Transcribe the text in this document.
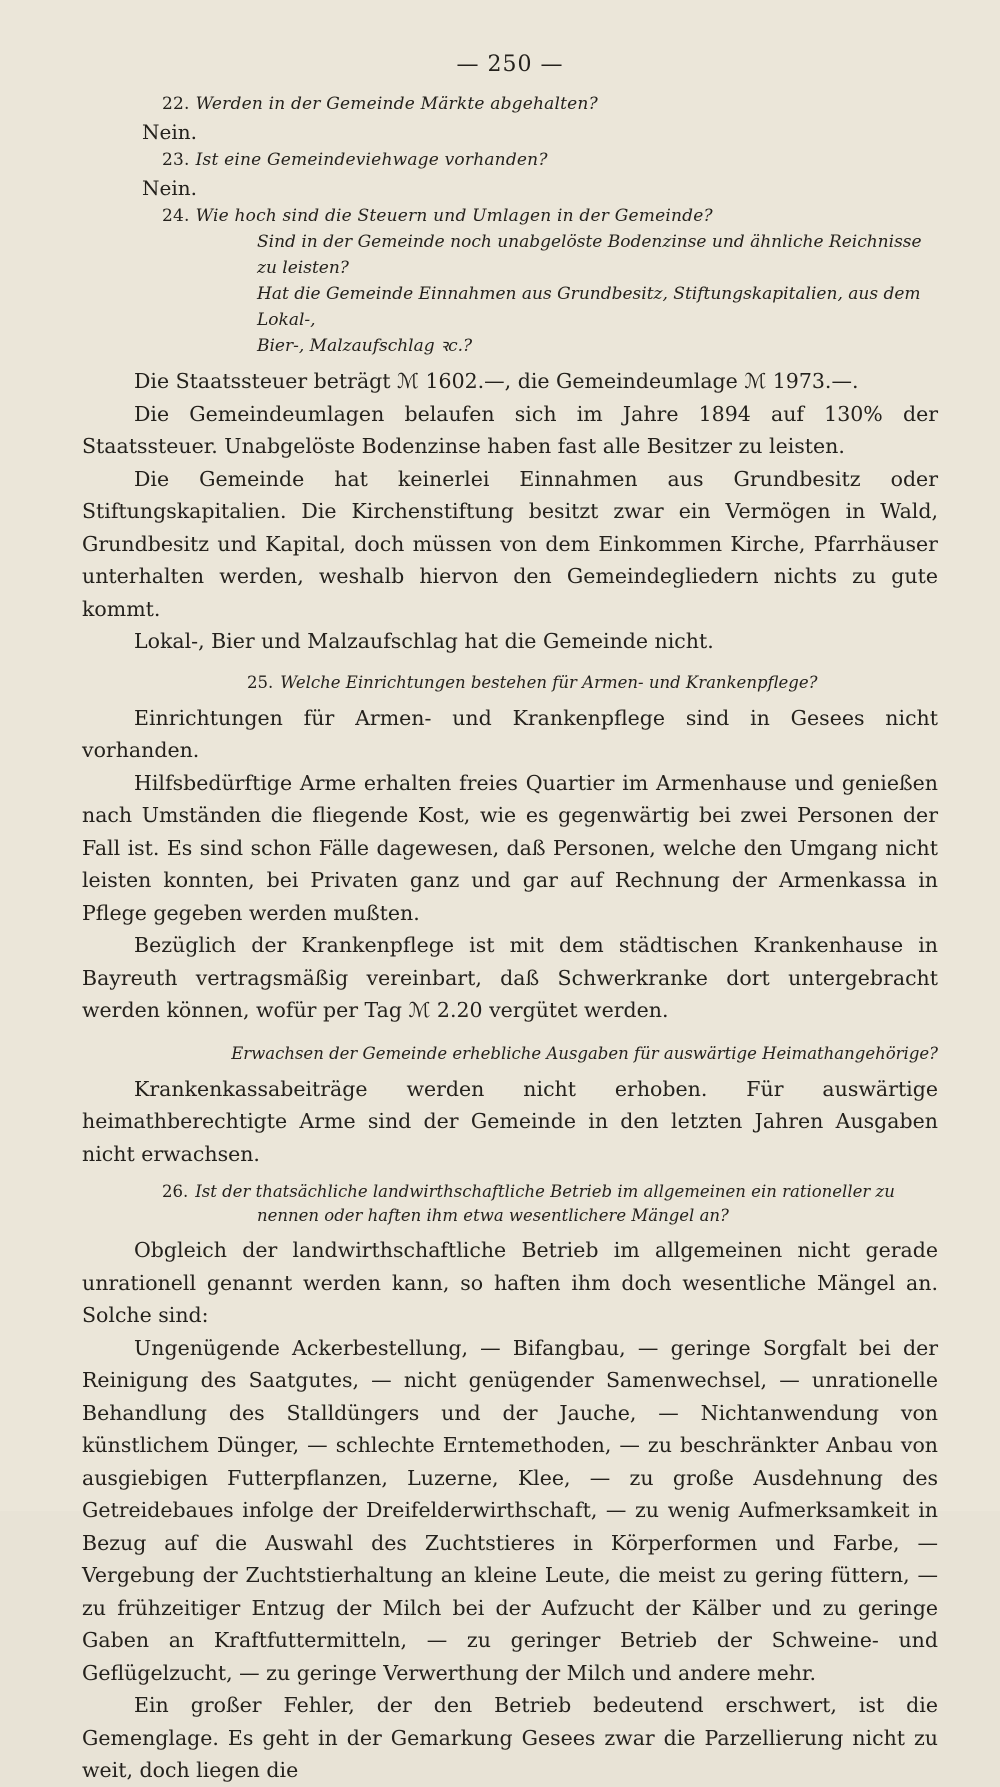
— 250 —

22. Werden in der Gemeinde Märkte abgehalten?

Nein.

23. Ist eine Gemeindeviehwage vorhanden?

Nein.

24. Wie hoch sind die Steuern und Umlagen in der Gemeinde?

Sind in der Gemeinde noch unabgelöste Bodenzinse und ähnliche Reichnisse zu leisten?

Hat die Gemeinde Einnahmen aus Grundbesitz, Stiftungskapitalien, aus dem Lokal-,

Bier-, Malzaufschlag ꝛc.?

Die Staatssteuer beträgt ℳ 1602.—, die Gemeindeumlage ℳ 1973.—.

Die Gemeindeumlagen belaufen sich im Jahre 1894 auf 130% der Staatssteuer. Unabgelöste Bodenzinse haben fast alle Besitzer zu leisten.

Die Gemeinde hat keinerlei Einnahmen aus Grundbesitz oder Stiftungskapitalien. Die Kirchenstiftung besitzt zwar ein Vermögen in Wald, Grundbesitz und Kapital, doch müssen von dem Einkommen Kirche, Pfarrhäuser unterhalten werden, weshalb hiervon den Gemeindegliedern nichts zu gute kommt.

Lokal-, Bier und Malzaufschlag hat die Gemeinde nicht.

25. Welche Einrichtungen bestehen für Armen- und Krankenpflege?

Einrichtungen für Armen- und Krankenpflege sind in Gesees nicht vorhanden.

Hilfsbedürftige Arme erhalten freies Quartier im Armenhause und genießen nach Umständen die fliegende Kost, wie es gegenwärtig bei zwei Personen der Fall ist. Es sind schon Fälle dagewesen, daß Personen, welche den Umgang nicht leisten konnten, bei Privaten ganz und gar auf Rechnung der Armenkassa in Pflege gegeben werden mußten.

Bezüglich der Krankenpflege ist mit dem städtischen Krankenhause in Bayreuth vertragsmäßig vereinbart, daß Schwerkranke dort untergebracht werden können, wofür per Tag ℳ 2.20 vergütet werden.

Erwachsen der Gemeinde erhebliche Ausgaben für auswärtige Heimathangehörige?

Krankenkassabeiträge werden nicht erhoben. Für auswärtige heimathberechtigte Arme sind der Gemeinde in den letzten Jahren Ausgaben nicht erwachsen.

26. Ist der thatsächliche landwirthschaftliche Betrieb im allgemeinen ein rationeller zu
nennen oder haften ihm etwa wesentlichere Mängel an?

Obgleich der landwirthschaftliche Betrieb im allgemeinen nicht gerade unrationell genannt werden kann, so haften ihm doch wesentliche Mängel an. Solche sind:

Ungenügende Ackerbestellung, — Bifangbau, — geringe Sorgfalt bei der Reinigung des Saatgutes, — nicht genügender Samenwechsel, — unrationelle Behandlung des Stalldüngers und der Jauche, — Nichtanwendung von künstlichem Dünger, — schlechte Erntemethoden, — zu beschränkter Anbau von ausgiebigen Futterpflanzen, Luzerne, Klee, — zu große Ausdehnung des Getreidebaues infolge der Dreifelderwirthschaft, — zu wenig Aufmerksamkeit in Bezug auf die Auswahl des Zuchtstieres in Körperformen und Farbe, — Vergebung der Zuchtstierhaltung an kleine Leute, die meist zu gering füttern, — zu frühzeitiger Entzug der Milch bei der Aufzucht der Kälber und zu geringe Gaben an Kraftfuttermitteln, — zu geringer Betrieb der Schweine- und Geflügelzucht, — zu geringe Verwerthung der Milch und andere mehr.

Ein großer Fehler, der den Betrieb bedeutend erschwert, ist die Gemenglage. Es geht in der Gemarkung Gesees zwar die Parzellierung nicht zu weit, doch liegen die
